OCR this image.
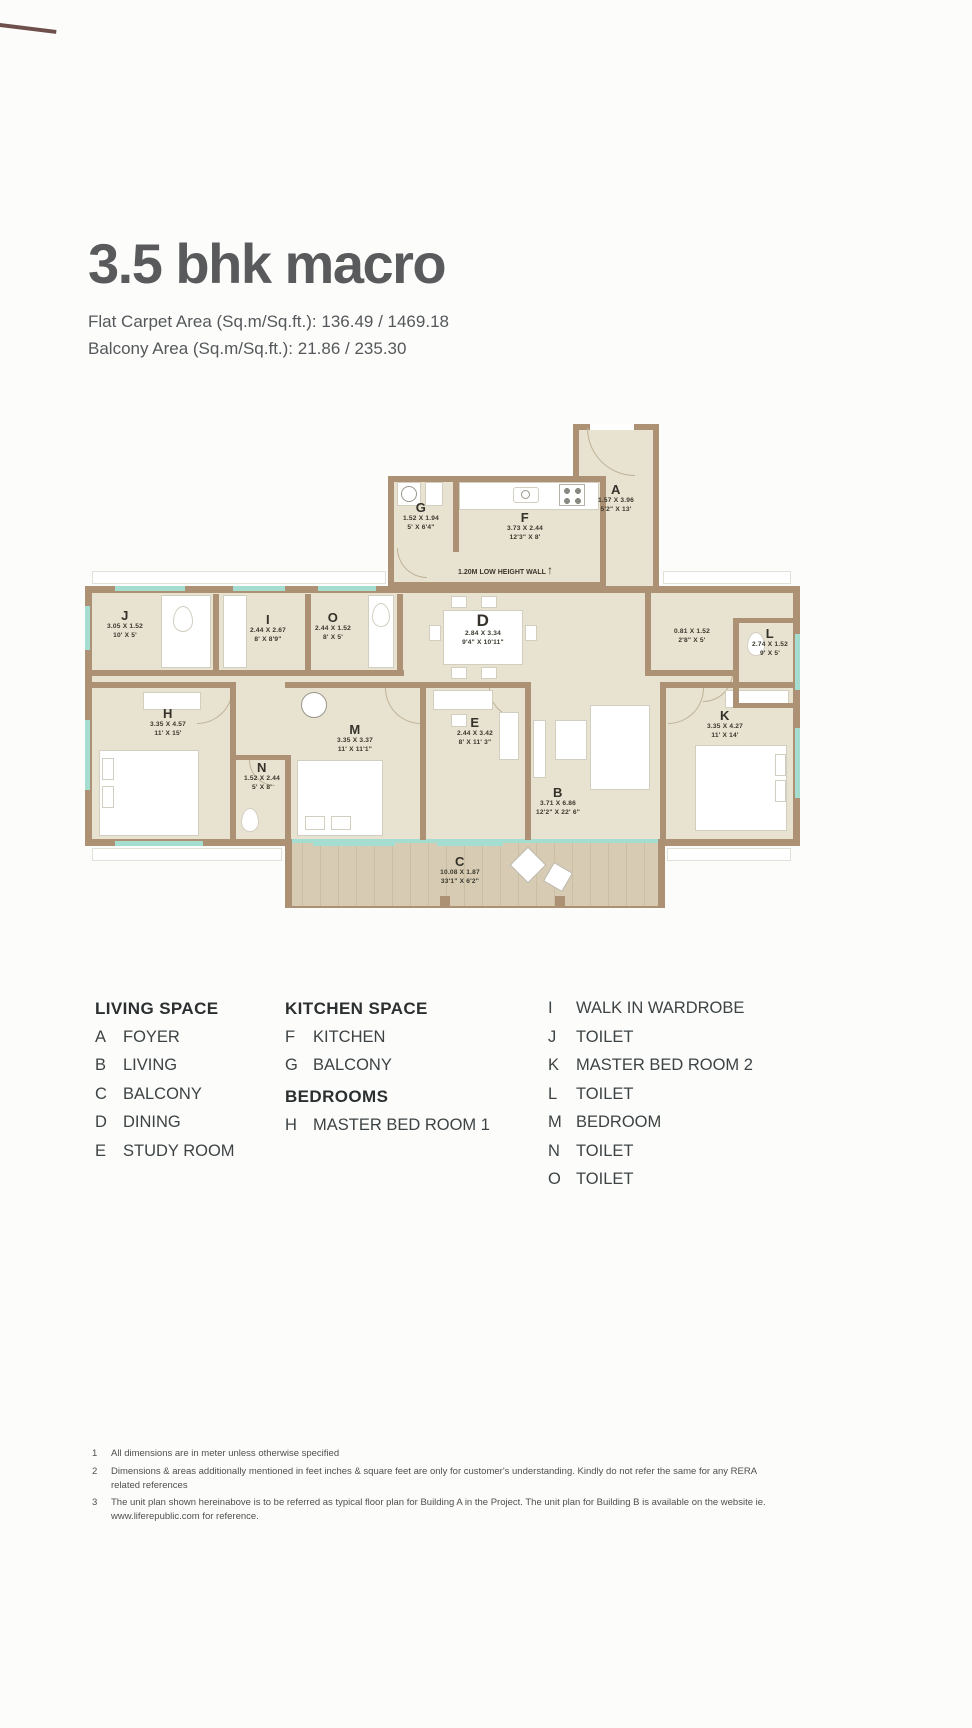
3.5 bhk macro
Flat Carpet Area (Sq.m/Sq.ft.): 136.49 / 1469.18
Balcony Area (Sq.m/Sq.ft.): 21.86 / 235.30
1.20M LOW HEIGHT WALL ↑
A
1.57 X 3.96
5'2" X 13'
G
1.52 X 1.94
5' X 6'4"
F
3.73 X 2.44
12'3" X 8'
J
3.05 X 1.52
10' X 5'
I
2.44 X 2.67
8' X 8'9"
O
2.44 X 1.52
8' X 5'
D
2.84 X 3.34
9'4" X 10'11"
0.81 X 1.52
2'8" X 5'	L
2.74 X 1.52
9' X 5'
H
3.35 X 4.57
11' X 15'
N
1.52 X 2.44
5' X 8'
M
3.35 X 3.37
11' X 11'1"
E
2.44 X 3.42
8' X 11' 3"
B
3.71 X 6.86
12'2" X 22' 6"
K
3.35 X 4.27
11' X 14'
C
10.08 X 1.87
33'1" X 6'2"
LIVING SPACE
A FOYER
B LIVING
C BALCONY
D DINING
E STUDY ROOM
KITCHEN SPACE
F KITCHEN
G BALCONY
BEDROOMS
H MASTER BED ROOM 1
I WALK IN WARDROBE
J TOILET
K MASTER BED ROOM 2
L TOILET
M BEDROOM
N TOILET
O TOILET
1	All dimensions are in meter unless otherwise specified
2	Dimensions & areas additionally mentioned in feet inches & square feet are only for customer's understanding. Kindly do not refer the same for any RERA related references
3	The unit plan shown hereinabove is to be referred as typical floor plan for Building A in the Project. The unit plan for Building B is available on the website ie. www.liferepublic.com for reference.
